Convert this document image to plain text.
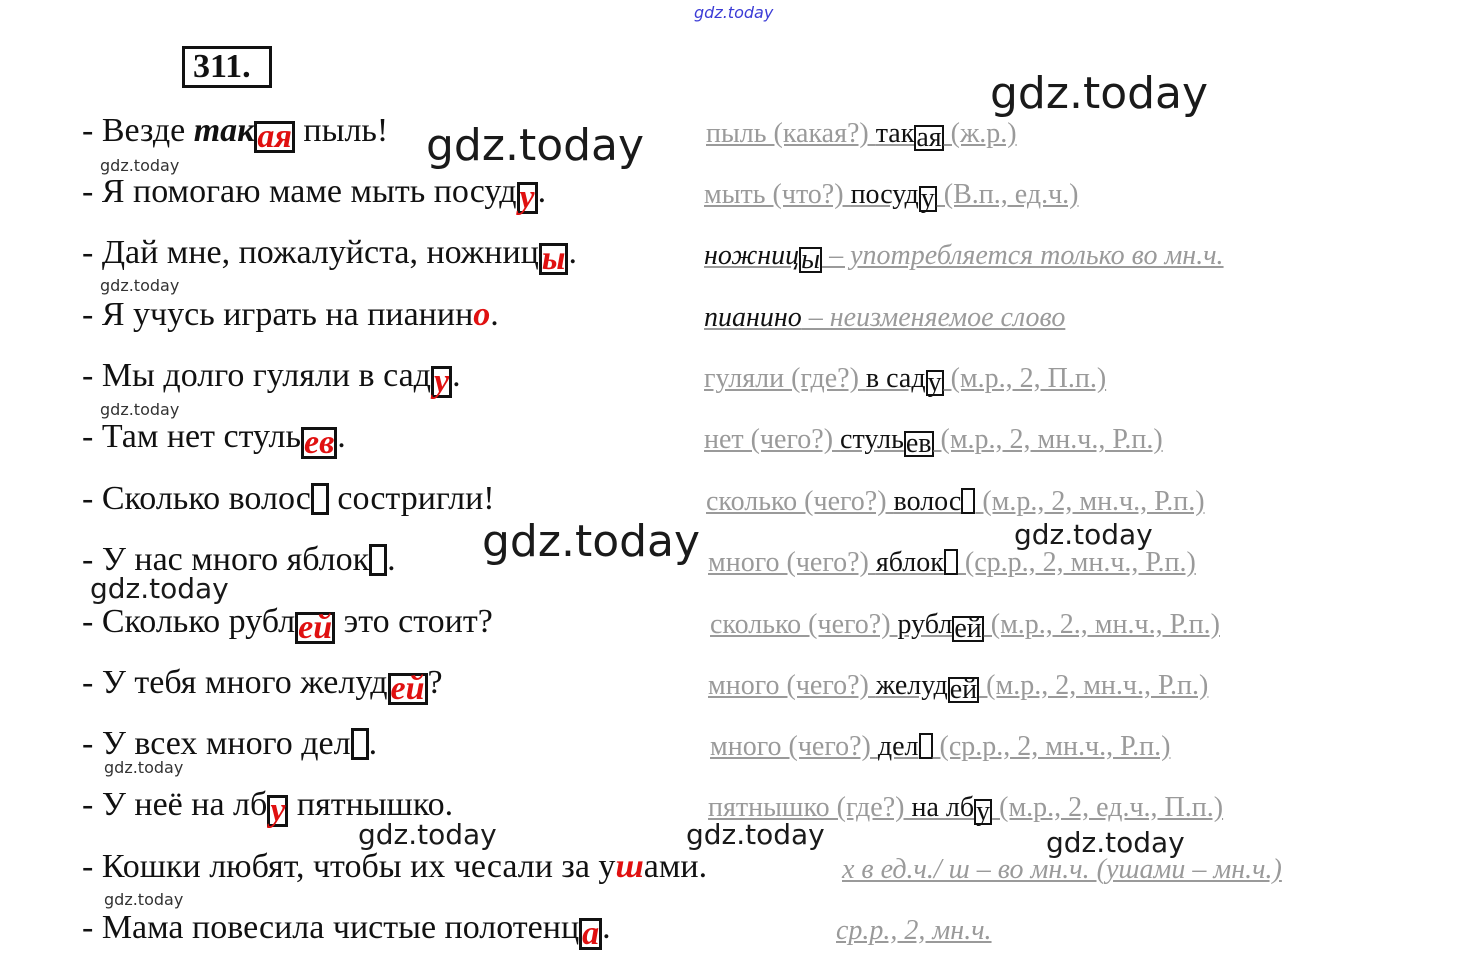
gdz.today
gdz.today
gdz.today
gdz.today
gdz.today
gdz.today
gdz.today	gdz.today
gdz.today
gdz.today
gdz.today	gdz.today	gdz.today
gdz.today
311.
- Везде такая пыль!	пыль (какая?) такая (ж.р.)
- Я помогаю маме мыть посуду.	мыть (что?) посуду (В.п., ед.ч.)
- Дай мне, пожалуйста, ножницы.	ножницы – употребляется только во мн.ч.
- Я учусь играть на пианино.	пианино – неизменяемое слово
- Мы долго гуляли в саду.	гуляли (где?) в саду (м.р., 2, П.п.)
- Там нет стульев.	нет (чего?) стульев (м.р., 2, мн.ч., Р.п.)
- Сколько волос состригли!	сколько (чего?) волос (м.р., 2, мн.ч., Р.п.)
- У нас много яблок .	много (чего?) яблок (ср.р., 2, мн.ч., Р.п.)
- Сколько рублей это стоит?	сколько (чего?) рублей (м.р., 2., мн.ч., Р.п.)
- У тебя много желудей?	много (чего?) желудей (м.р., 2, мн.ч., Р.п.)
- У всех много дел .	много (чего?) дел (ср.р., 2, мн.ч., Р.п.)
- У неё на лбу пятнышко.	пятнышко (где?) на лбу (м.р., 2, ед.ч., П.п.)
- Кошки любят, чтобы их чесали за ушами.	х в ед.ч./ ш – во мн.ч. (ушами – мн.ч.)
- Мама повесила чистые полотенца.	ср.р., 2, мн.ч.
